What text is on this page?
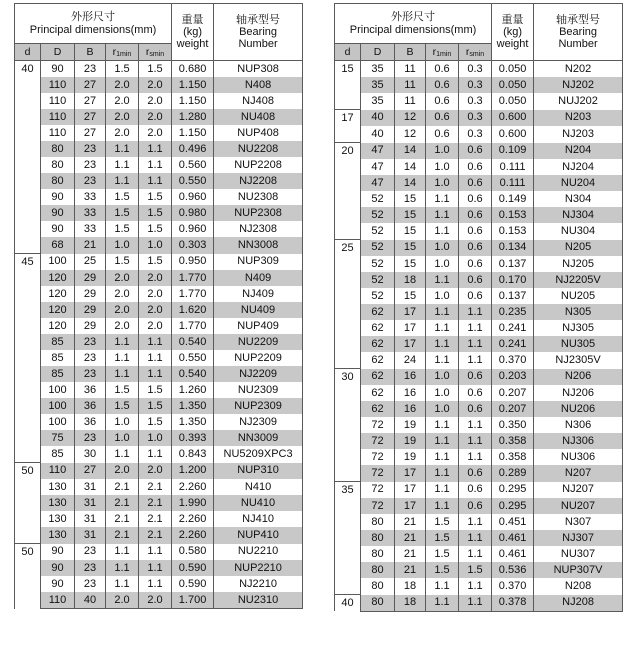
外形尺寸
Principal dimensions(mm)					重量
(kg)
weight	轴承型号
Bearing
Number

d	D	B	$r_{1min}$	$r_{smin}$
40	90	23	1.5	1.5	0.680	NUP308
	110	27	2.0	2.0	1.150	N408
	110	27	2.0	2.0	1.150	NJ408
	110	27	2.0	2.0	1.280	NU408
	110	27	2.0	2.0	1.150	NUP408
	80	23	1.1	1.1	0.496	NU2208
	80	23	1.1	1.1	0.560	NUP2208
	80	23	1.1	1.1	0.550	NJ2208
	90	33	1.5	1.5	0.960	NU2308
	90	33	1.5	1.5	0.980	NUP2308
	90	33	1.5	1.5	0.960	NJ2308
	68	21	1.0	1.0	0.303	NN3008
45	100	25	1.5	1.5	0.950	NUP309
	120	29	2.0	2.0	1.770	N409
	120	29	2.0	2.0	1.770	NJ409
	120	29	2.0	2.0	1.620	NU409
	120	29	2.0	2.0	1.770	NUP409
	85	23	1.1	1.1	0.540	NU2209
	85	23	1.1	1.1	0.550	NUP2209
	85	23	1.1	1.1	0.540	NJ2209
	100	36	1.5	1.5	1.260	NU2309
	100	36	1.5	1.5	1.350	NUP2309
	100	36	1.0	1.5	1.350	NJ2309
	75	23	1.0	1.0	0.393	NN3009
	85	30	1.1	1.1	0.843	NU5209XPC3
50	110	27	2.0	2.0	1.200	NUP310
	130	31	2.1	2.1	2.260	N410
	130	31	2.1	2.1	1.990	NU410
	130	31	2.1	2.1	2.260	NJ410
	130	31	2.1	2.1	2.260	NUP410
50	90	23	1.1	1.1	0.580	NU2210
	90	23	1.1	1.1	0.590	NUP2210
	90	23	1.1	1.1	0.590	NJ2210
	110	40	2.0	2.0	1.700	NU2310
外形尺寸
Principal dimensions(mm)					重量
(kg)
weight	轴承型号
Bearing
Number

d	D	B	$r_{1min}$	$r_{smin}$
15	35	11	0.6	0.3	0.050	N202
	35	11	0.6	0.3	0.050	NJ202
	35	11	0.6	0.3	0.050	NUJ202
17	40	12	0.6	0.3	0.600	N203
	40	12	0.6	0.3	0.600	NJ203
20	47	14	1.0	0.6	0.109	N204
	47	14	1.0	0.6	0.111	NJ204
	47	14	1.0	0.6	0.111	NU204
	52	15	1.1	0.6	0.149	N304
	52	15	1.1	0.6	0.153	NJ304
	52	15	1.1	0.6	0.153	NU304
25	52	15	1.0	0.6	0.134	N205
	52	15	1.0	0.6	0.137	NJ205
	52	18	1.1	0.6	0.170	NJ2205V
	52	15	1.0	0.6	0.137	NU205
	62	17	1.1	1.1	0.235	N305
	62	17	1.1	1.1	0.241	NJ305
	62	17	1.1	1.1	0.241	NU305
	62	24	1.1	1.1	0.370	NJ2305V
30	62	16	1.0	0.6	0.203	N206
	62	16	1.0	0.6	0.207	NJ206
	62	16	1.0	0.6	0.207	NU206
	72	19	1.1	1.1	0.350	N306
	72	19	1.1	1.1	0.358	NJ306
	72	19	1.1	1.1	0.358	NU306
	72	17	1.1	0.6	0.289	N207
35	72	17	1.1	0.6	0.295	NJ207
	72	17	1.1	0.6	0.295	NU207
	80	21	1.5	1.1	0.451	N307
	80	21	1.5	1.1	0.461	NJ307
	80	21	1.5	1.1	0.461	NU307
	80	21	1.5	1.5	0.536	NUP307V
	80	18	1.1	1.1	0.370	N208
40	80	18	1.1	1.1	0.378	NJ208
